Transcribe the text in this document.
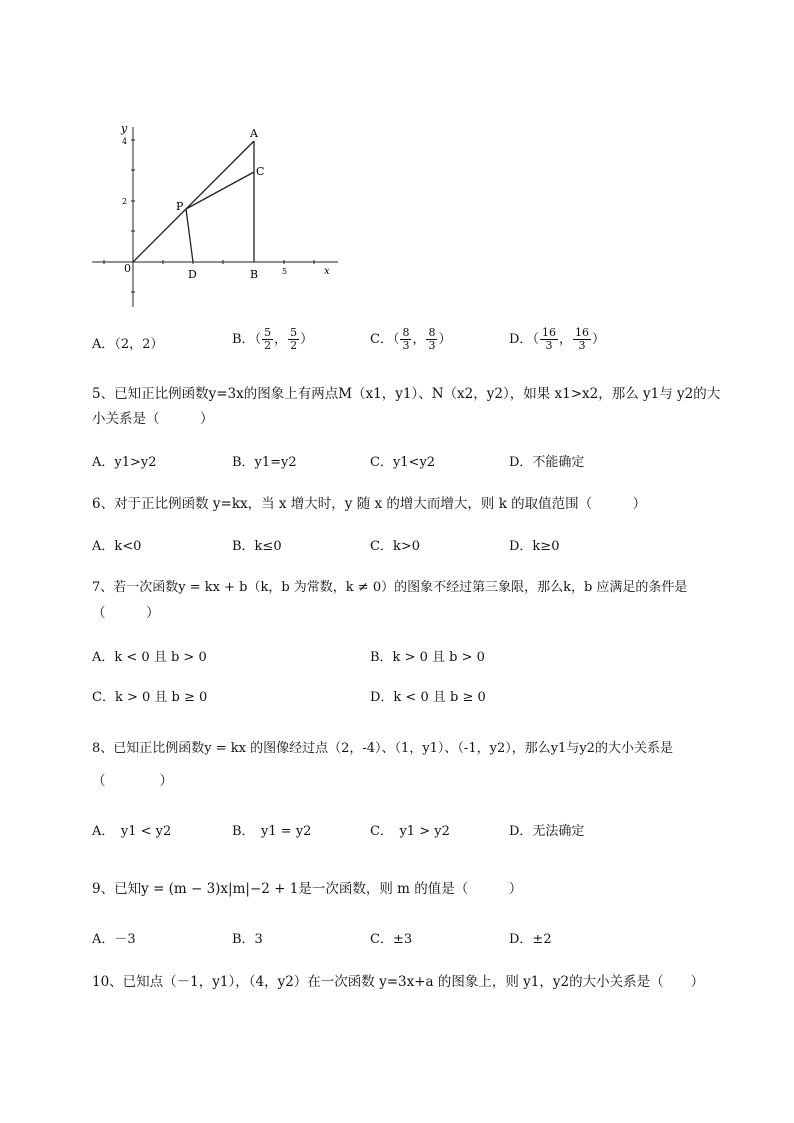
y
x
0
A
B
C
D
P
4
2
5
A．（2，2）	B．（ $\frac{5}{2}$ ， $\frac{5}{2}$ ）	C．（ $\frac{8}{3}$ ， $\frac{8}{3}$ ）	D．（ $\frac{16}{3}$ ， $\frac{16}{3}$ ）
5、已知正比例函数y=3x的图象上有两点M（x1，y1）、N（x2，y2），如果 x1>x2，那么 y1与 y2的大
小关系是（　　　）
A．y1>y2	B．y1=y2	C．y1<y2	D．不能确定
6、对于正比例函数 y=kx，当 x 增大时，y 随 x 的增大而增大，则 k 的取值范围（　　　）
A．k<0	B．k≤0	C．k>0	D．k≥0
7、若一次函数y = kx + b（k，b 为常数，k ≠ 0）的图象不经过第三象限，那么k，b 应满足的条件是
（　　　）
A．k < 0 且 b > 0	B．k > 0 且 b > 0
C．k > 0 且 b ≥ 0	D．k < 0 且 b ≥ 0
8、已知正比例函数y = kx 的图像经过点（2，-4）、（1，y1）、（-1，y2），那么y1与y2的大小关系是
（　　　　）
A．　y1 < y2	B．　y1 = y2	C．　y1 > y2	D．无法确定
9、已知y = (m − 3)x|m|−2 + 1是一次函数，则 m 的值是（　　　）
A．－3	B．3	C．±3	D．±2
10、已知点（－1，y1），（4，y2）在一次函数 y=3x+a 的图象上，则 y1，y2的大小关系是（　　）
